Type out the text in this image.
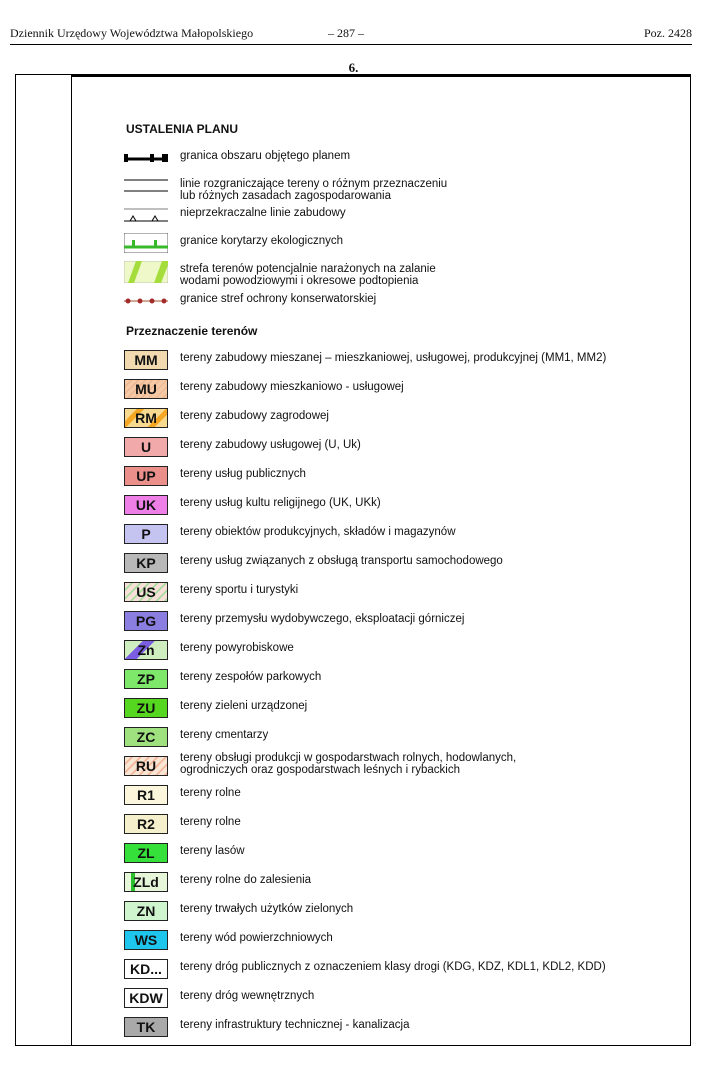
Dziennik Urzędowy Województwa Małopolskiego	– 287 –	Poz. 2428
6.
USTALENIA PLANU
granica obszaru objętego planem
linie rozgraniczające tereny o różnym przeznaczeniu
lub różnych zasadach zagospodarowania
nieprzekraczalne linie zabudowy
granice korytarzy ekologicznych
strefa terenów potencjalnie narażonych na zalanie
wodami powodziowymi i okresowe podtopienia
granice stref ochrony konserwatorskiej
Przeznaczenie terenów
MM	tereny zabudowy mieszanej – mieszkaniowej, usługowej, produkcyjnej (MM1, MM2)
MU	tereny zabudowy mieszkaniowo - usługowej
RM	tereny zabudowy zagrodowej
U	tereny zabudowy usługowej (U, Uk)
UP	tereny usług publicznych
UK	tereny usług kultu religijnego (UK, UKk)
P	tereny obiektów produkcyjnych, składów i magazynów
KP	tereny usług związanych z obsługą transportu samochodowego
US	tereny sportu i turystyki
PG	tereny przemysłu wydobywczego, eksploatacji górniczej
Zn	tereny powyrobiskowe
ZP	tereny zespołów parkowych
ZU	tereny zieleni urządzonej
ZC	tereny cmentarzy
RU	tereny obsługi produkcji w gospodarstwach rolnych, hodowlanych,
ogrodniczych oraz gospodarstwach leśnych i rybackich
R1	tereny rolne
R2	tereny rolne
ZL	tereny lasów
ZLd	tereny rolne do zalesienia
ZN	tereny trwałych użytków zielonych
WS	tereny wód powierzchniowych
KD...	tereny dróg publicznych z oznaczeniem klasy drogi (KDG, KDZ, KDL1, KDL2, KDD)
KDW	tereny dróg wewnętrznych
TK	tereny infrastruktury technicznej - kanalizacja
